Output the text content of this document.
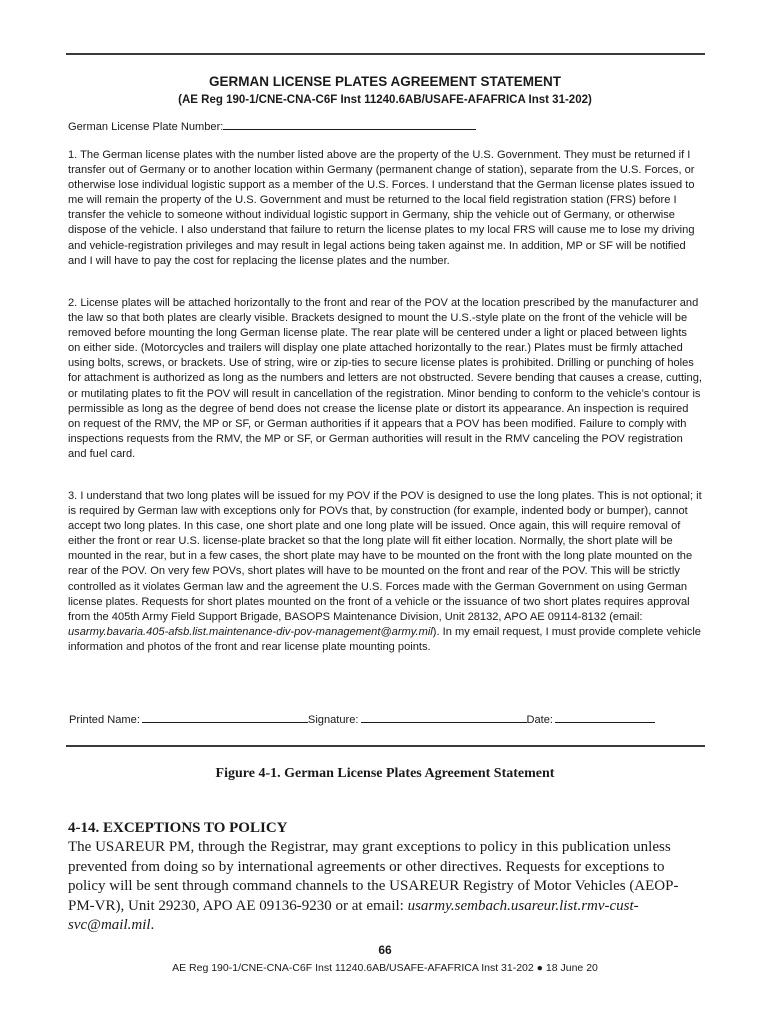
GERMAN LICENSE PLATES AGREEMENT STATEMENT
(AE Reg 190-1/CNE-CNA-C6F Inst 11240.6AB/USAFE-AFAFRICA Inst 31-202)
German License Plate Number:

1. The German license plates with the number listed above are the property of the U.S. Government. They must be returned if I transfer out of Germany or to another location within Germany (permanent change of station), separate from the U.S. Forces, or otherwise lose individual logistic support as a member of the U.S. Forces. I understand that the German license plates issued to me will remain the property of the U.S. Government and must be returned to the local field registration station (FRS) before I transfer the vehicle to someone without individual logistic support in Germany, ship the vehicle out of Germany, or otherwise dispose of the vehicle. I also understand that failure to return the license plates to my local FRS will cause me to lose my driving and vehicle-registration privileges and may result in legal actions being taken against me. In addition, MP or SF will be notified and I will have to pay the cost for replacing the license plates and the number.

2. License plates will be attached horizontally to the front and rear of the POV at the location prescribed by the manufacturer and the law so that both plates are clearly visible. Brackets designed to mount the U.S.-style plate on the front of the vehicle will be removed before mounting the long German license plate. The rear plate will be centered under a light or placed between lights on either side. (Motorcycles and trailers will display one plate attached horizontally to the rear.) Plates must be firmly attached using bolts, screws, or brackets. Use of string, wire or zip-ties to secure license plates is prohibited. Drilling or punching of holes for attachment is authorized as long as the numbers and letters are not obstructed. Severe bending that causes a crease, cutting, or mutilating plates to fit the POV will result in cancellation of the registration. Minor bending to conform to the vehicle’s contour is permissible as long as the degree of bend does not crease the license plate or distort its appearance. An inspection is required on request of the RMV, the MP or SF, or German authorities if it appears that a POV has been modified. Failure to comply with inspections requests from the RMV, the MP or SF, or German authorities will result in the RMV canceling the POV registration and fuel card.

3. I understand that two long plates will be issued for my POV if the POV is designed to use the long plates. This is not optional; it is required by German law with exceptions only for POVs that, by construction (for example, indented body or bumper), cannot accept two long plates. In this case, one short plate and one long plate will be issued. Once again, this will require removal of either the front or rear U.S. license-plate bracket so that the long plate will fit either location. Normally, the short plate will be mounted in the rear, but in a few cases, the short plate may have to be mounted on the front with the long plate mounted on the rear of the POV. On very few POVs, short plates will have to be mounted on the front and rear of the POV. This will be strictly controlled as it violates German law and the agreement the U.S. Forces made with the German Government on using German license plates. Requests for short plates mounted on the front of a vehicle or the issuance of two short plates requires approval from the 405th Army Field Support Brigade, BASOPS Maintenance Division, Unit 28132, APO AE 09114-8132 (email: usarmy.bavaria.405-afsb.list.maintenance-div-pov-management@army.mil). In my email request, I must provide complete vehicle information and photos of the front and rear license plate mounting points.

Printed Name:	Signature:	Date:
Figure 4-1. German License Plates Agreement Statement

4-14. EXCEPTIONS TO POLICY

The USAREUR PM, through the Registrar, may grant exceptions to policy in this publication unless prevented from doing so by international agreements or other directives. Requests for exceptions to policy will be sent through command channels to the USAREUR Registry of Motor Vehicles (AEOP-PM-VR), Unit 29230, APO AE 09136-9230 or at email: usarmy.sembach.usareur.list.rmv-cust-svc@mail.mil.

66
AE Reg 190-1/CNE-CNA-C6F Inst 11240.6AB/USAFE-AFAFRICA Inst 31-202 ● 18 June 20
